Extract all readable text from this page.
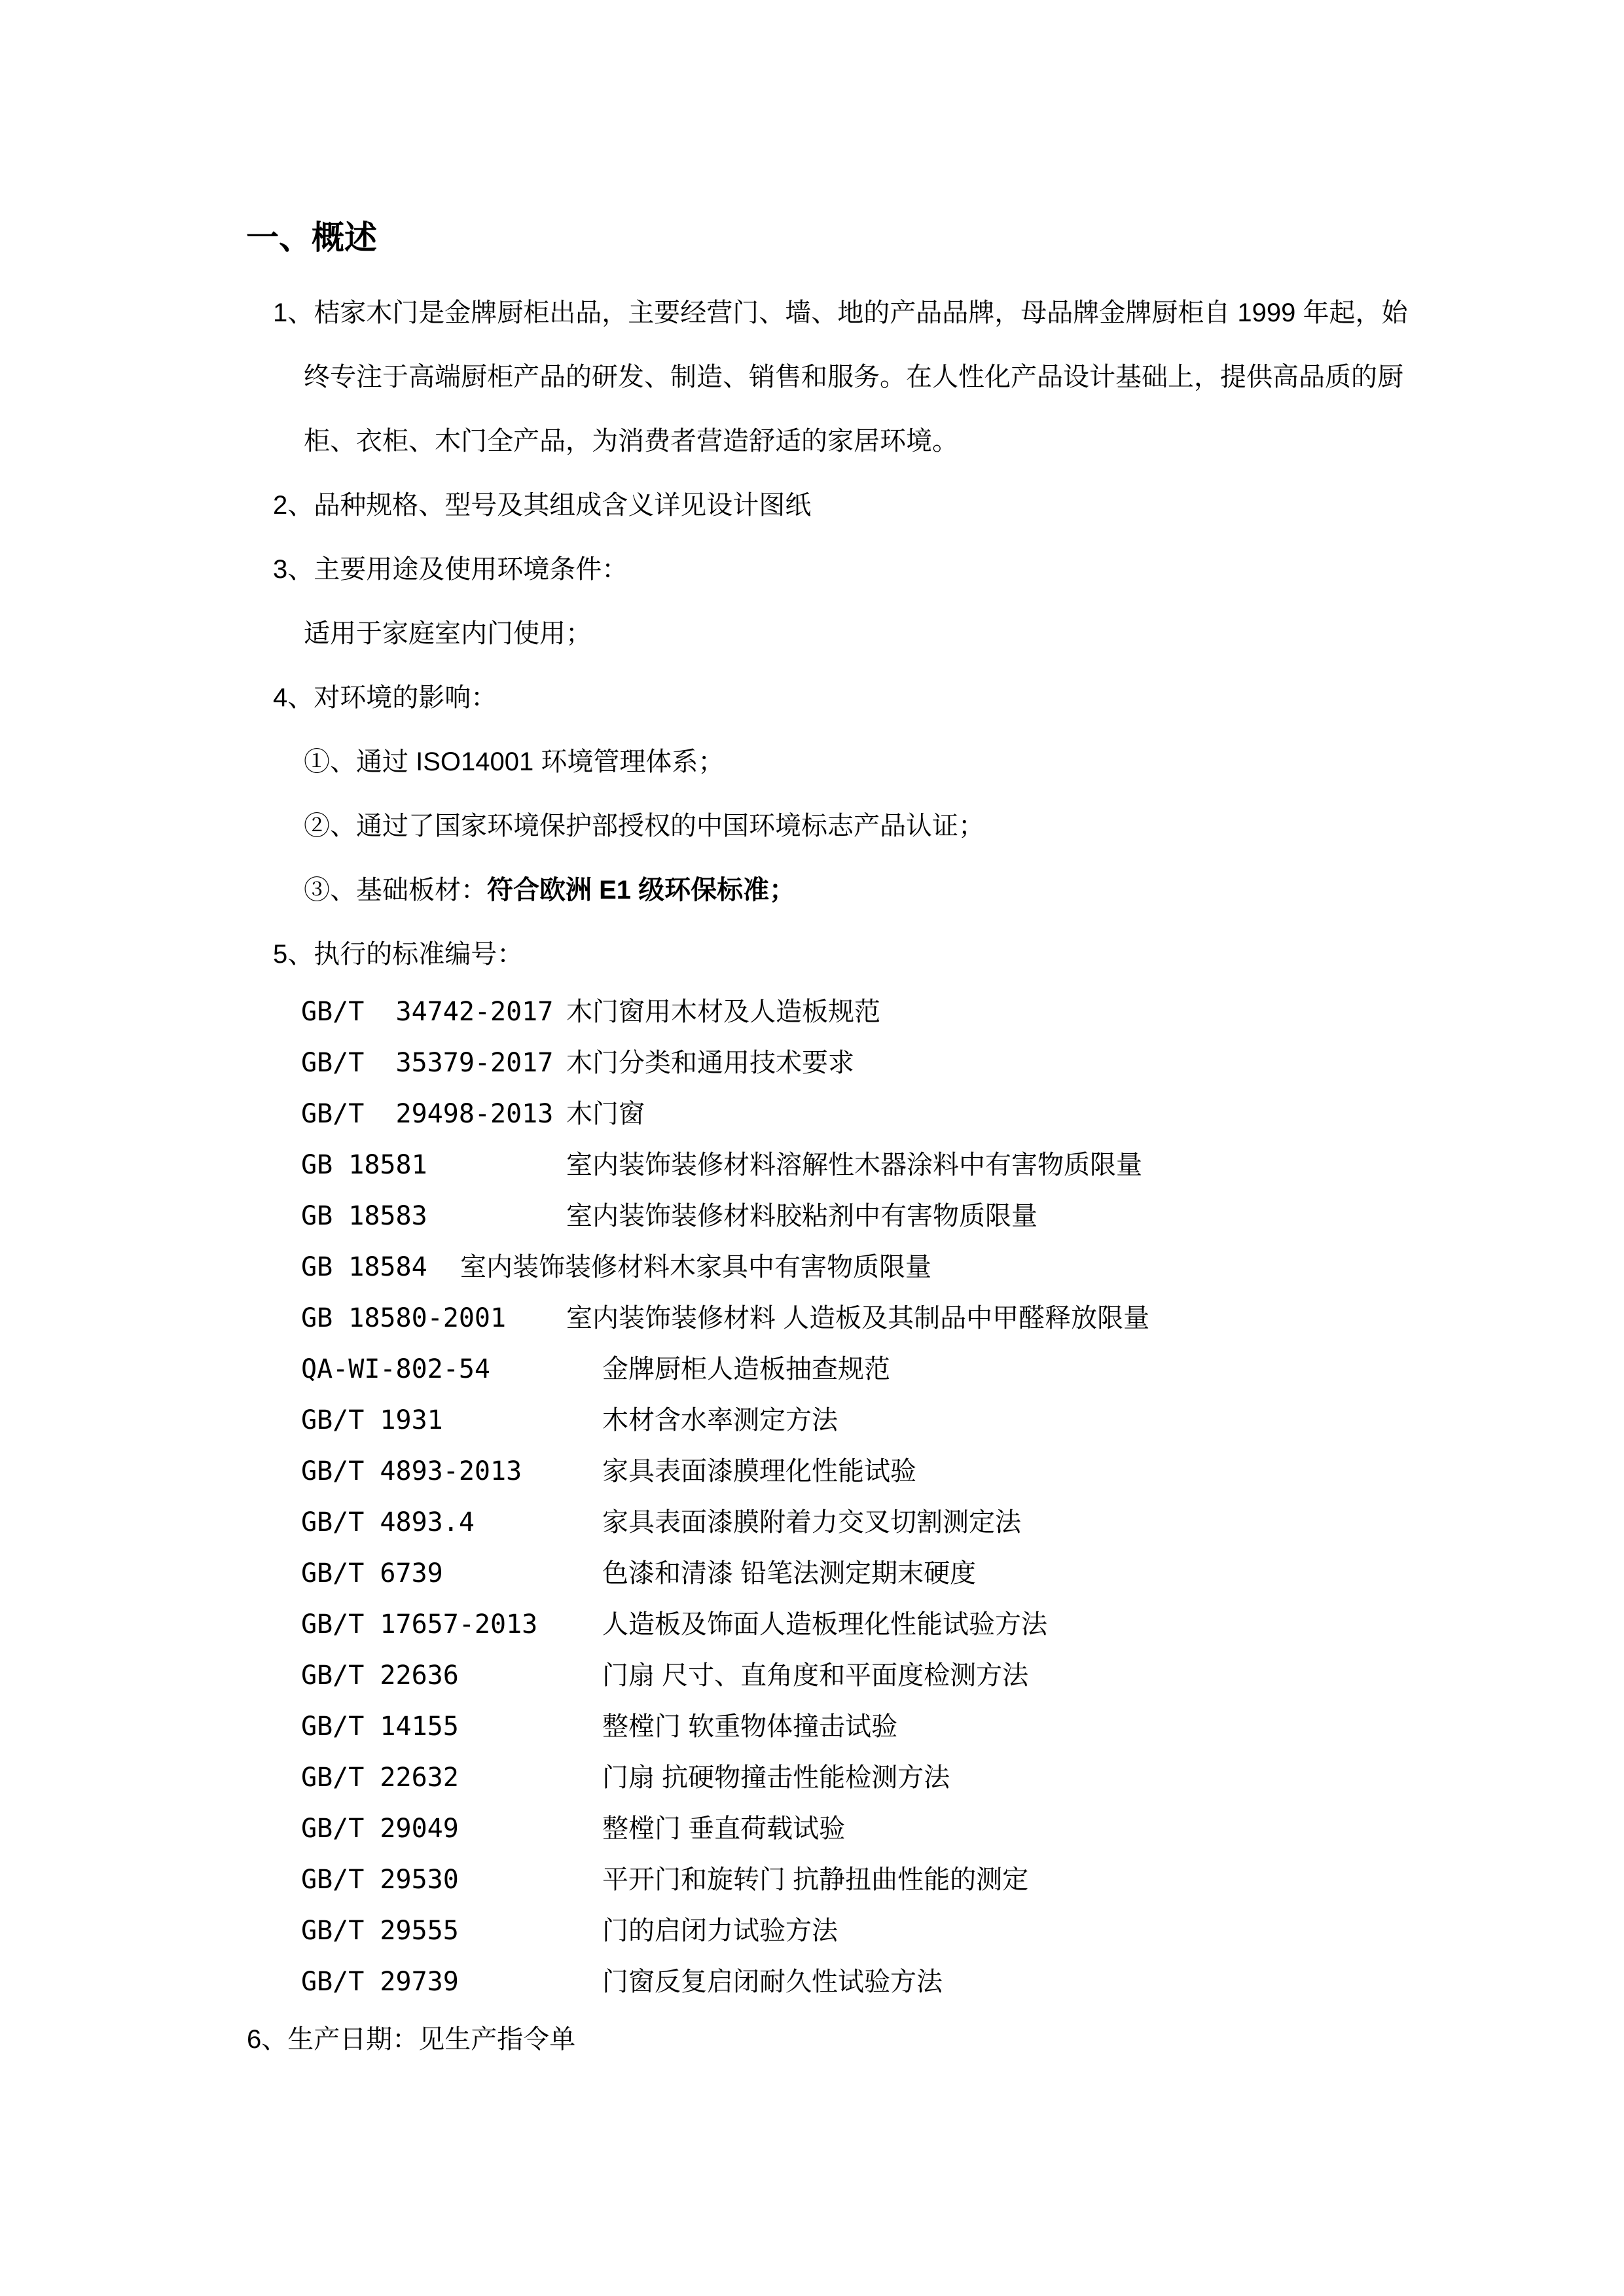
一、概述
1、桔家木门是金牌厨柜出品，主要经营门、墙、地的产品品牌，母品牌金牌厨柜自 1999 年起，始
终专注于高端厨柜产品的研发、制造、销售和服务。在人性化产品设计基础上，提供高品质的厨
柜、衣柜、木门全产品，为消费者营造舒适的家居环境。
2、品种规格、型号及其组成含义详见设计图纸
3、主要用途及使用环境条件：
适用于家庭室内门使用；
4、对环境的影响：
①、通过 ISO14001 环境管理体系；
②、通过了国家环境保护部授权的中国环境标志产品认证；
③、基础板材：符合欧洲 E1 级环保标准；
5、执行的标准编号：
GB/T  34742-2017 木门窗用木材及人造板规范
GB/T  35379-2017 木门分类和通用技术要求
GB/T  29498-2013 木门窗
GB 18581	室内装饰装修材料溶解性木器涂料中有害物质限量
GB 18583	室内装饰装修材料胶粘剂中有害物质限量
GB 18584	室内装饰装修材料木家具中有害物质限量
GB 18580-2001	室内装饰装修材料 人造板及其制品中甲醛释放限量
QA-WI-802-54	金牌厨柜人造板抽查规范
GB/T 1931	木材含水率测定方法
GB/T 4893-2013	家具表面漆膜理化性能试验
GB/T 4893.4	家具表面漆膜附着力交叉切割测定法
GB/T 6739	色漆和清漆 铅笔法测定期末硬度
GB/T 17657-2013	人造板及饰面人造板理化性能试验方法
GB/T 22636	门扇 尺寸、直角度和平面度检测方法
GB/T 14155	整樘门 软重物体撞击试验
GB/T 22632	门扇 抗硬物撞击性能检测方法
GB/T 29049	整樘门 垂直荷载试验
GB/T 29530	平开门和旋转门 抗静扭曲性能的测定
GB/T 29555	门的启闭力试验方法
GB/T 29739	门窗反复启闭耐久性试验方法
6、生产日期：见生产指令单
